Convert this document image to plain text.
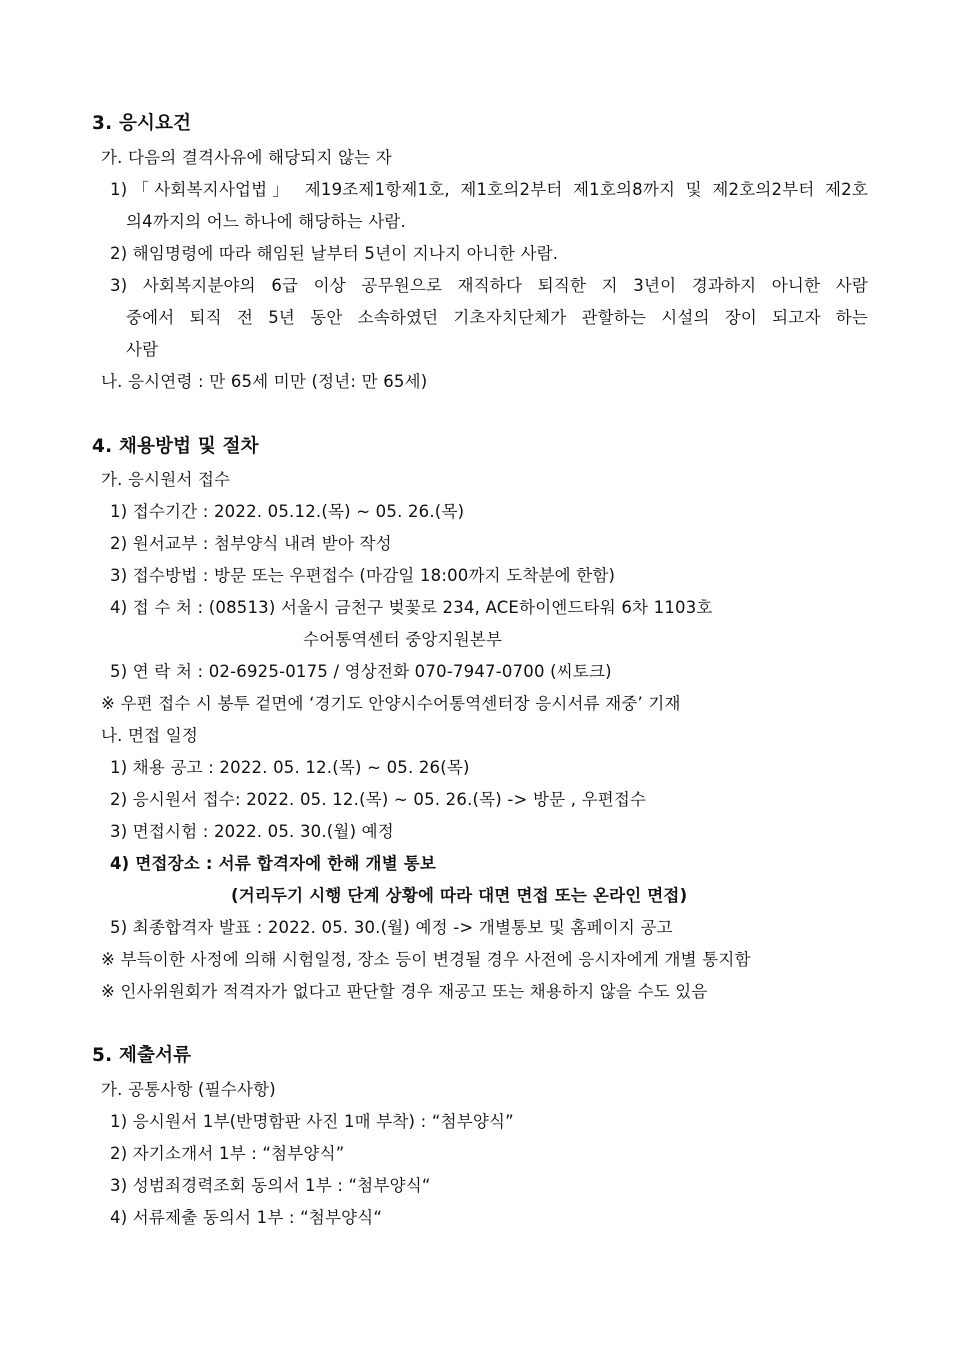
3. 응시요건
가. 다음의 결격사유에 해당되지 않는 자
1)「사회복지사업법」 제19조제1항제1호, 제1호의2부터 제1호의8까지 및 제2호의2부터 제2호
의4까지의 어느 하나에 해당하는 사람.
2) 해임명령에 따라 해임된 날부터 5년이 지나지 아니한 사람.
3) 사회복지분야의 6급 이상 공무원으로 재직하다 퇴직한 지 3년이 경과하지 아니한 사람
중에서 퇴직 전 5년 동안 소속하였던 기초자치단체가 관할하는 시설의 장이 되고자 하는
사람
나. 응시연령 : 만 65세 미만 (정년: 만 65세)
4. 채용방법 및 절차
가. 응시원서 접수
1) 접수기간 : 2022. 05.12.(목) ~ 05. 26.(목)
2) 원서교부 : 첨부양식 내려 받아 작성
3) 접수방법 : 방문 또는 우편접수 (마감일 18:00까지 도착분에 한함)
4) 접 수 처 : (08513) 서울시 금천구 벚꽃로 234, ACE하이엔드타워 6차 1103호
수어통역센터 중앙지원본부
5) 연 락 처 : 02-6925-0175 / 영상전화 070-7947-0700 (씨토크)
※ 우편 접수 시 봉투 겉면에 ‘경기도 안양시수어통역센터장 응시서류 재중’ 기재
나. 면접 일정
1) 채용 공고 : 2022. 05. 12.(목) ~ 05. 26(목)
2) 응시원서 접수: 2022. 05. 12.(목) ~ 05. 26.(목) -> 방문 , 우편접수
3) 면접시험 : 2022. 05. 30.(월) 예정
4) 면접장소 : 서류 합격자에 한해 개별 통보
(거리두기 시행 단계 상황에 따라 대면 면접 또는 온라인 면접)
5) 최종합격자 발표 : 2022. 05. 30.(월) 예정 -> 개별통보 및 홈페이지 공고
※ 부득이한 사정에 의해 시험일정, 장소 등이 변경될 경우 사전에 응시자에게 개별 통지함
※ 인사위원회가 적격자가 없다고 판단할 경우 재공고 또는 채용하지 않을 수도 있음
5. 제출서류
가. 공통사항 (필수사항)
1) 응시원서 1부(반명함판 사진 1매 부착) : “첨부양식”
2) 자기소개서 1부 : “첨부양식”
3) 성범죄경력조회 동의서 1부 : “첨부양식“
4) 서류제출 동의서 1부 : “첨부양식“
